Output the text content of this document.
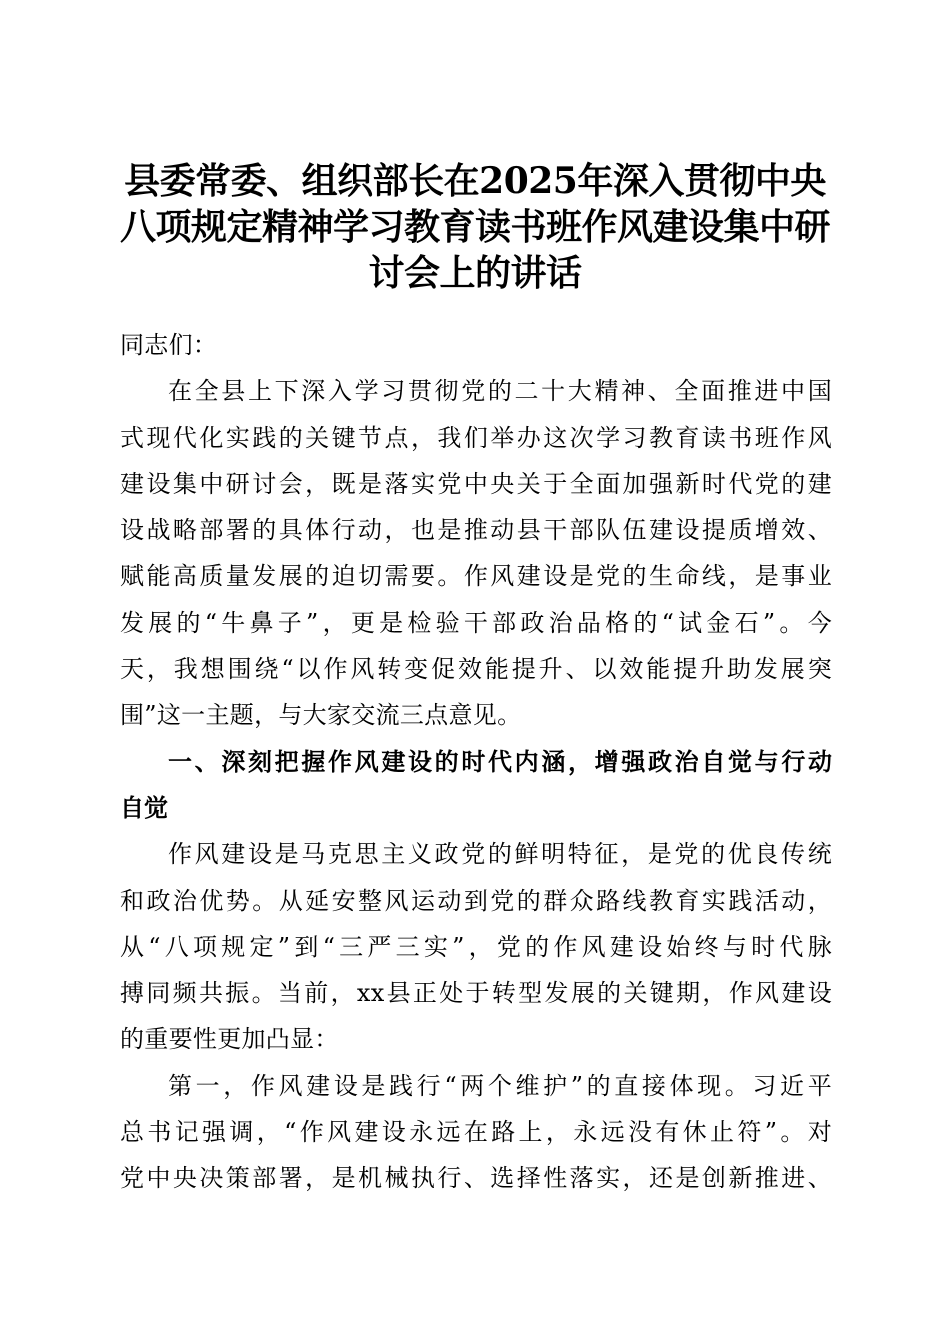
县委常委、组织部长在2025年深入贯彻中央
八项规定精神学习教育读书班作风建设集中研
讨会上的讲话
同志们：
在全县上下深入学习贯彻党的二十大精神、全面推进中国
式现代化实践的关键节点，我们举办这次学习教育读书班作风
建设集中研讨会，既是落实党中央关于全面加强新时代党的建
设战略部署的具体行动，也是推动县干部队伍建设提质增效、
赋能高质量发展的迫切需要。作风建设是党的生命线，是事业
发展的“牛鼻子”，更是检验干部政治品格的“试金石”。今
天，我想围绕“以作风转变促效能提升、以效能提升助发展突
围”这一主题，与大家交流三点意见。
一、深刻把握作风建设的时代内涵，增强政治自觉与行动
自觉
作风建设是马克思主义政党的鲜明特征，是党的优良传统
和政治优势。从延安整风运动到党的群众路线教育实践活动，
从“八项规定”到“三严三实”，党的作风建设始终与时代脉
搏同频共振。当前，xx县正处于转型发展的关键期，作风建设
的重要性更加凸显：
第一，作风建设是践行“两个维护”的直接体现。习近平
总书记强调，“作风建设永远在路上，永远没有休止符”。对
党中央决策部署，是机械执行、选择性落实，还是创新推进、
